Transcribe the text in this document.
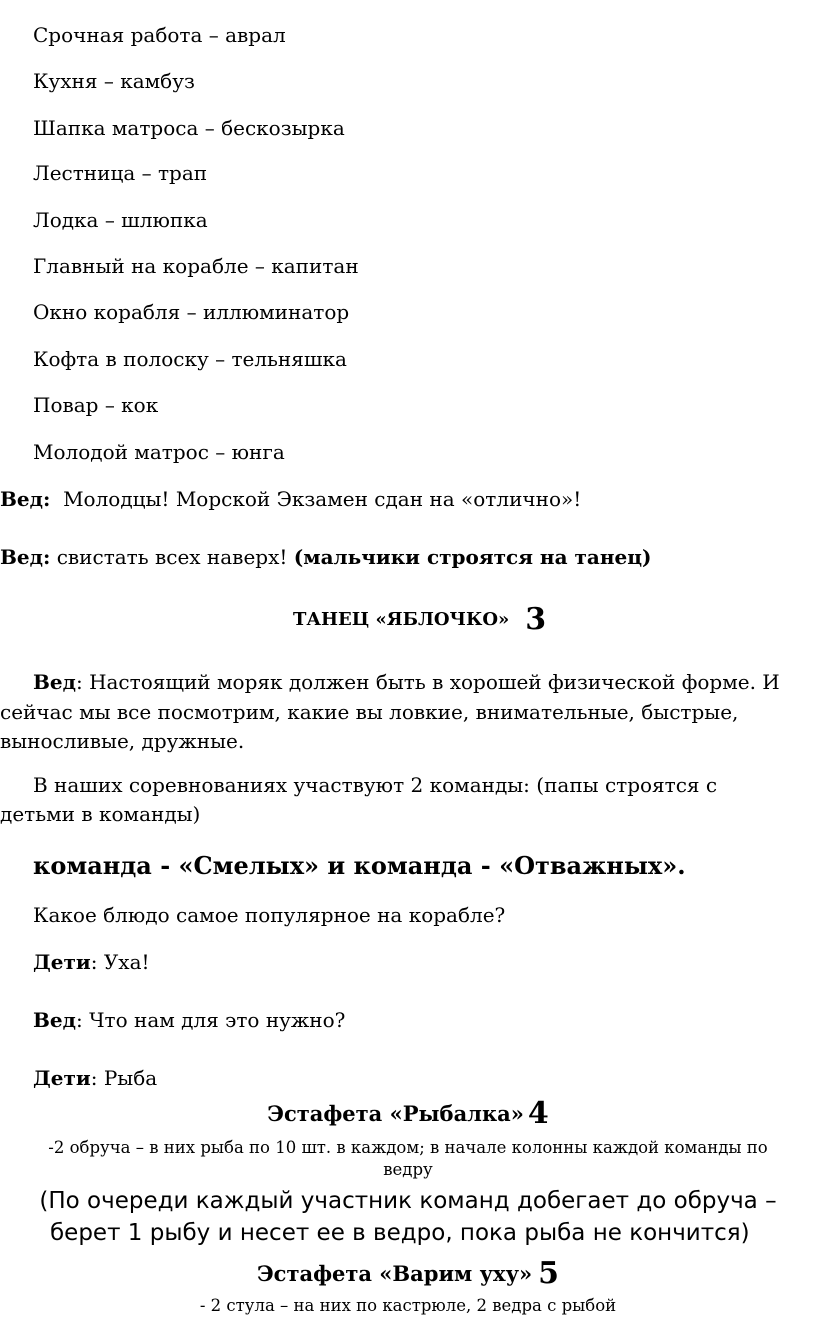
Срочная работа – аврал
Кухня – камбуз
Шапка матроса – бескозырка
Лестница – трап
Лодка – шлюпка
Главный на корабле – капитан
Окно корабля – иллюминатор
Кофта в полоску – тельняшка
Повар – кок
Молодой матрос – юнга
Вед: Молодцы! Морской Экзамен сдан на «отлично»!
Вед: свистать всех наверх! (мальчики строятся на танец)
ТАНЕЦ «ЯБЛОЧКО» 3
Вед: Настоящий моряк должен быть в хорошей физической форме. И
сейчас мы все посмотрим, какие вы ловкие, внимательные, быстрые,
выносливые, дружные.
В наших соревнованиях участвуют 2 команды: (папы строятся с
детьми в команды)
команда - «Смелых» и команда - «Отважных».
Какое блюдо самое популярное на корабле?
Дети: Уха!
Вед: Что нам для это нужно?
Дети: Рыба
Эстафета «Рыбалка» 4
-2 обруча – в них рыба по 10 шт. в каждом; в начале колонны каждой команды по
ведру
(По очереди каждый участник команд добегает до обруча –
берет 1 рыбу и несет ее в ведро, пока рыба не кончится)
Эстафета «Варим уху» 5
- 2 стула – на них по кастрюле, 2 ведра с рыбой
